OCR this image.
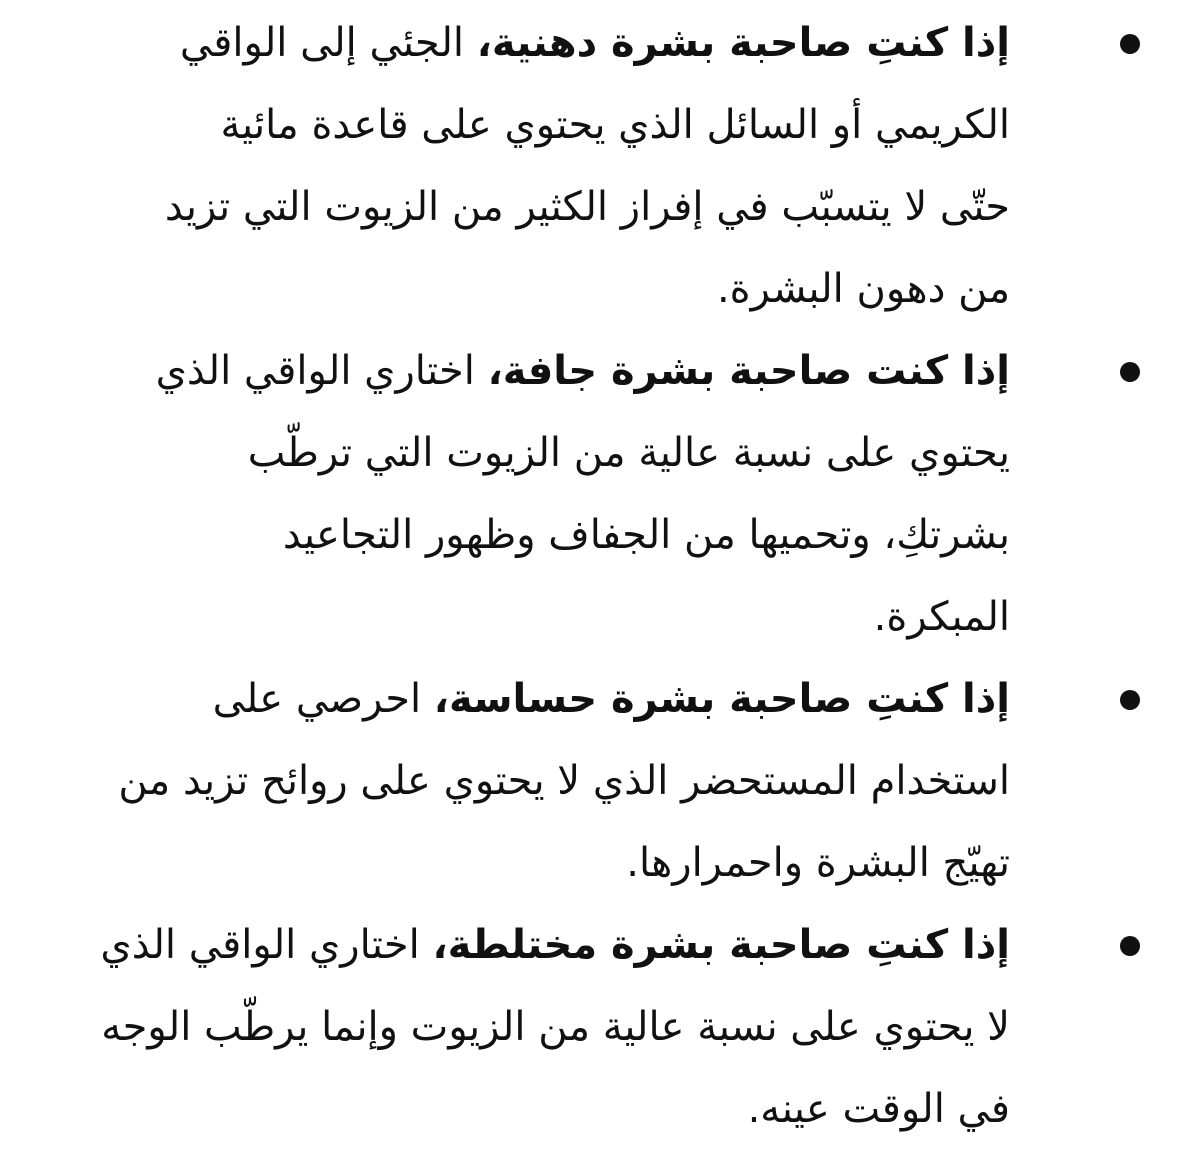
إذا كنتِ صاحبة بشرة دهنية، الجئي إلى الواقي الكريمي أو السائل الذي يحتوي على قاعدة مائية حتّى لا يتسبّب في إفراز الكثير من الزيوت التي تزيد من دهون البشرة.
إذا كنت صاحبة بشرة جافة، اختاري الواقي الذي يحتوي على نسبة عالية من الزيوت التي ترطّب بشرتكِ، وتحميها من الجفاف وظهور التجاعيد المبكرة.
إذا كنتِ صاحبة بشرة حساسة، احرصي على استخدام المستحضر الذي لا يحتوي على روائح تزيد من تهيّج البشرة واحمرارها.
إذا كنتِ صاحبة بشرة مختلطة، اختاري الواقي الذي لا يحتوي على نسبة عالية من الزيوت وإنما يرطّب الوجه في الوقت عينه.
